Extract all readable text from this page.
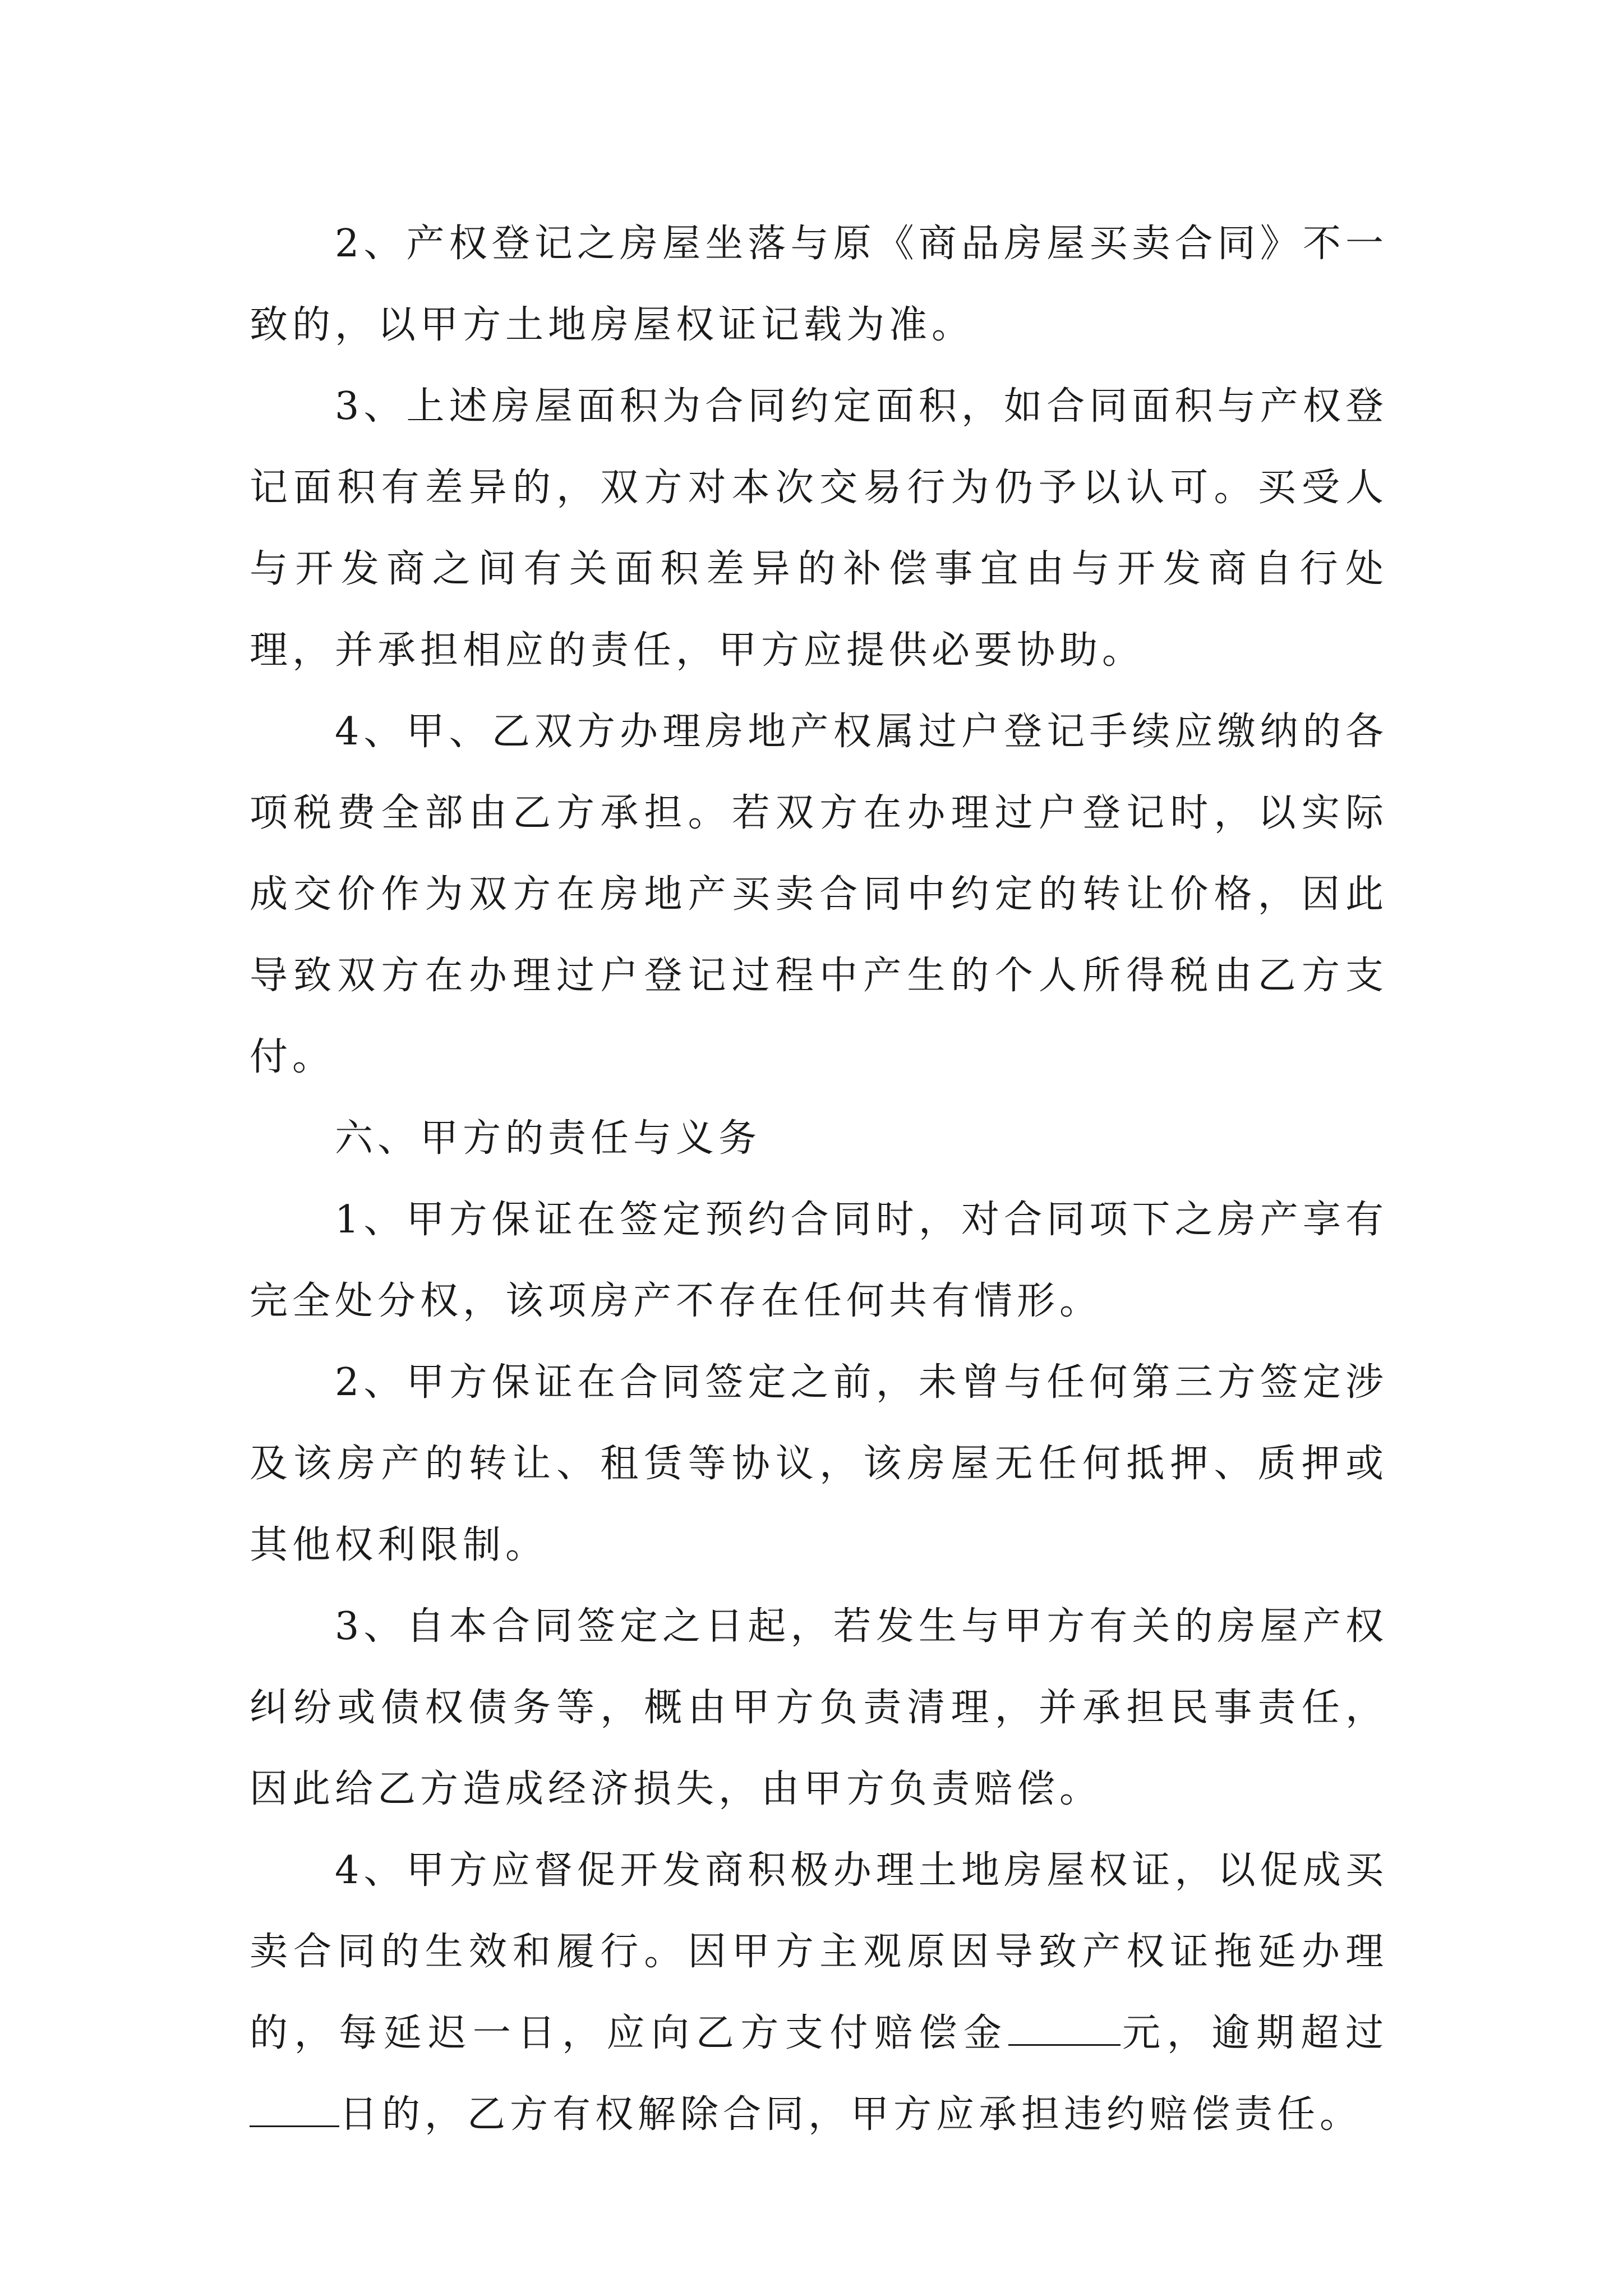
2、产权登记之房屋坐落与原《商品房屋买卖合同》不一致的，以甲方土地房屋权证记载为准。

3、上述房屋面积为合同约定面积，如合同面积与产权登记面积有差异的，双方对本次交易行为仍予以认可。买受人与开发商之间有关面积差异的补偿事宜由与开发商自行处理，并承担相应的责任，甲方应提供必要协助。

4、甲、乙双方办理房地产权属过户登记手续应缴纳的各项税费全部由乙方承担。若双方在办理过户登记时，以实际成交价作为双方在房地产买卖合同中约定的转让价格，因此导致双方在办理过户登记过程中产生的个人所得税由乙方支付。

六、甲方的责任与义务

1、甲方保证在签定预约合同时，对合同项下之房产享有完全处分权，该项房产不存在任何共有情形。

2、甲方保证在合同签定之前，未曾与任何第三方签定涉及该房产的转让、租赁等协议，该房屋无任何抵押、质押或其他权利限制。

3、自本合同签定之日起，若发生与甲方有关的房屋产权纠纷或债权债务等，概由甲方负责清理，并承担民事责任，因此给乙方造成经济损失，由甲方负责赔偿。

4、甲方应督促开发商积极办理土地房屋权证，以促成买卖合同的生效和履行。因甲方主观原因导致产权证拖延办理的，每延迟一日，应向乙方支付赔偿金	元，逾期超过日的，乙方有权解除合同，甲方应承担违约赔偿责任。
